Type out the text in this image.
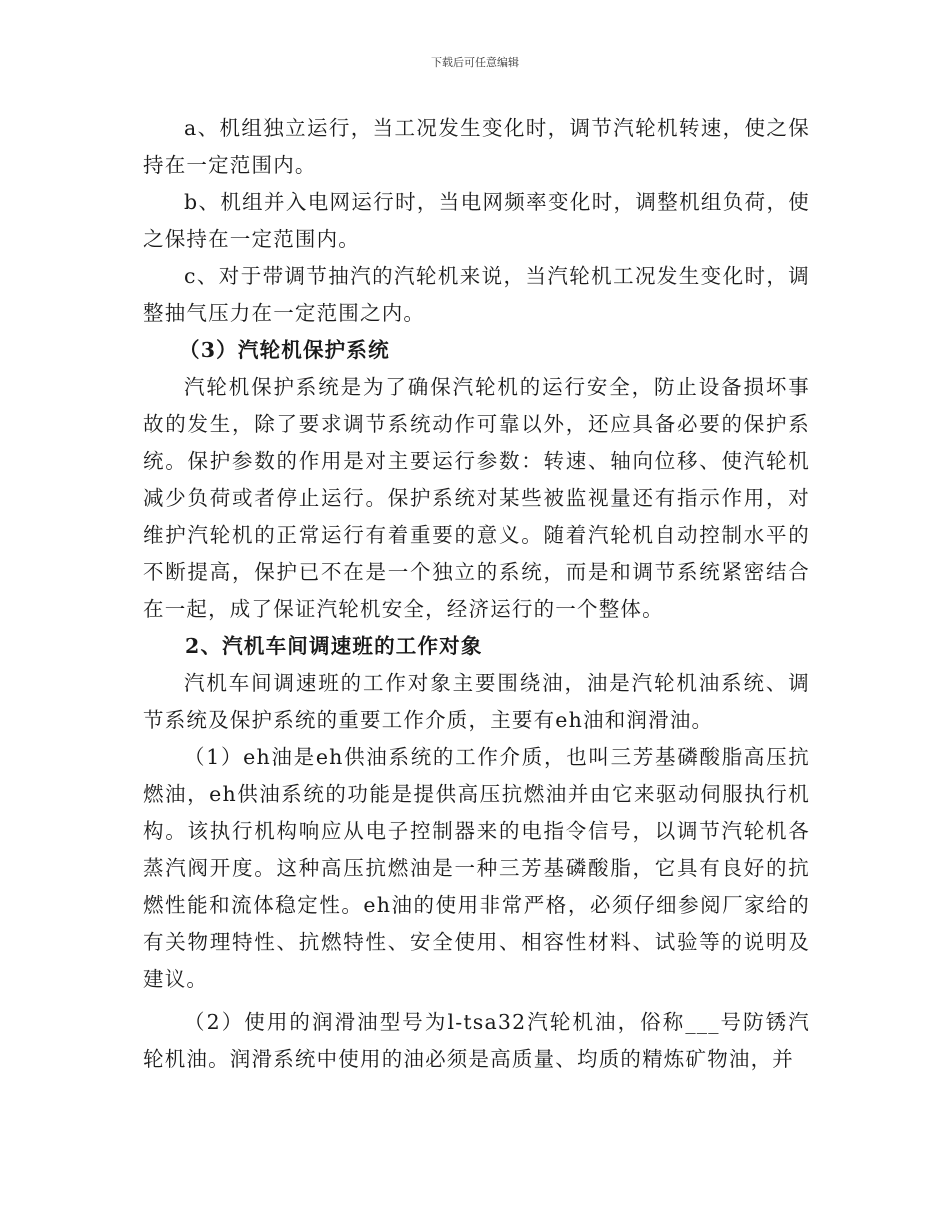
下载后可任意编辑

a、机组独立运行，当工况发生变化时，调节汽轮机转速，使之保持在一定范围内。

b、机组并入电网运行时，当电网频率变化时，调整机组负荷，使之保持在一定范围内。

c、对于带调节抽汽的汽轮机来说，当汽轮机工况发生变化时，调整抽气压力在一定范围之内。

（3）汽轮机保护系统

汽轮机保护系统是为了确保汽轮机的运行安全，防止设备损坏事故的发生，除了要求调节系统动作可靠以外，还应具备必要的保护系统。保护参数的作用是对主要运行参数：转速、轴向位移、使汽轮机减少负荷或者停止运行。保护系统对某些被监视量还有指示作用，对维护汽轮机的正常运行有着重要的意义。随着汽轮机自动控制水平的不断提高，保护已不在是一个独立的系统，而是和调节系统紧密结合在一起，成了保证汽轮机安全，经济运行的一个整体。

2、汽机车间调速班的工作对象

汽机车间调速班的工作对象主要围绕油，油是汽轮机油系统、调节系统及保护系统的重要工作介质，主要有eh油和润滑油。

（1）eh油是eh供油系统的工作介质，也叫三芳基磷酸脂高压抗燃油，eh供油系统的功能是提供高压抗燃油并由它来驱动伺服执行机构。该执行机构响应从电子控制器来的电指令信号，以调节汽轮机各蒸汽阀开度。这种高压抗燃油是一种三芳基磷酸脂，它具有良好的抗燃性能和流体稳定性。eh油的使用非常严格，必须仔细参阅厂家给的有关物理特性、抗燃特性、安全使用、相容性材料、试验等的说明及建议。

（2）使用的润滑油型号为l-tsa32汽轮机油，俗称___号防锈汽轮机油。润滑系统中使用的油必须是高质量、均质的精炼矿物油，并
